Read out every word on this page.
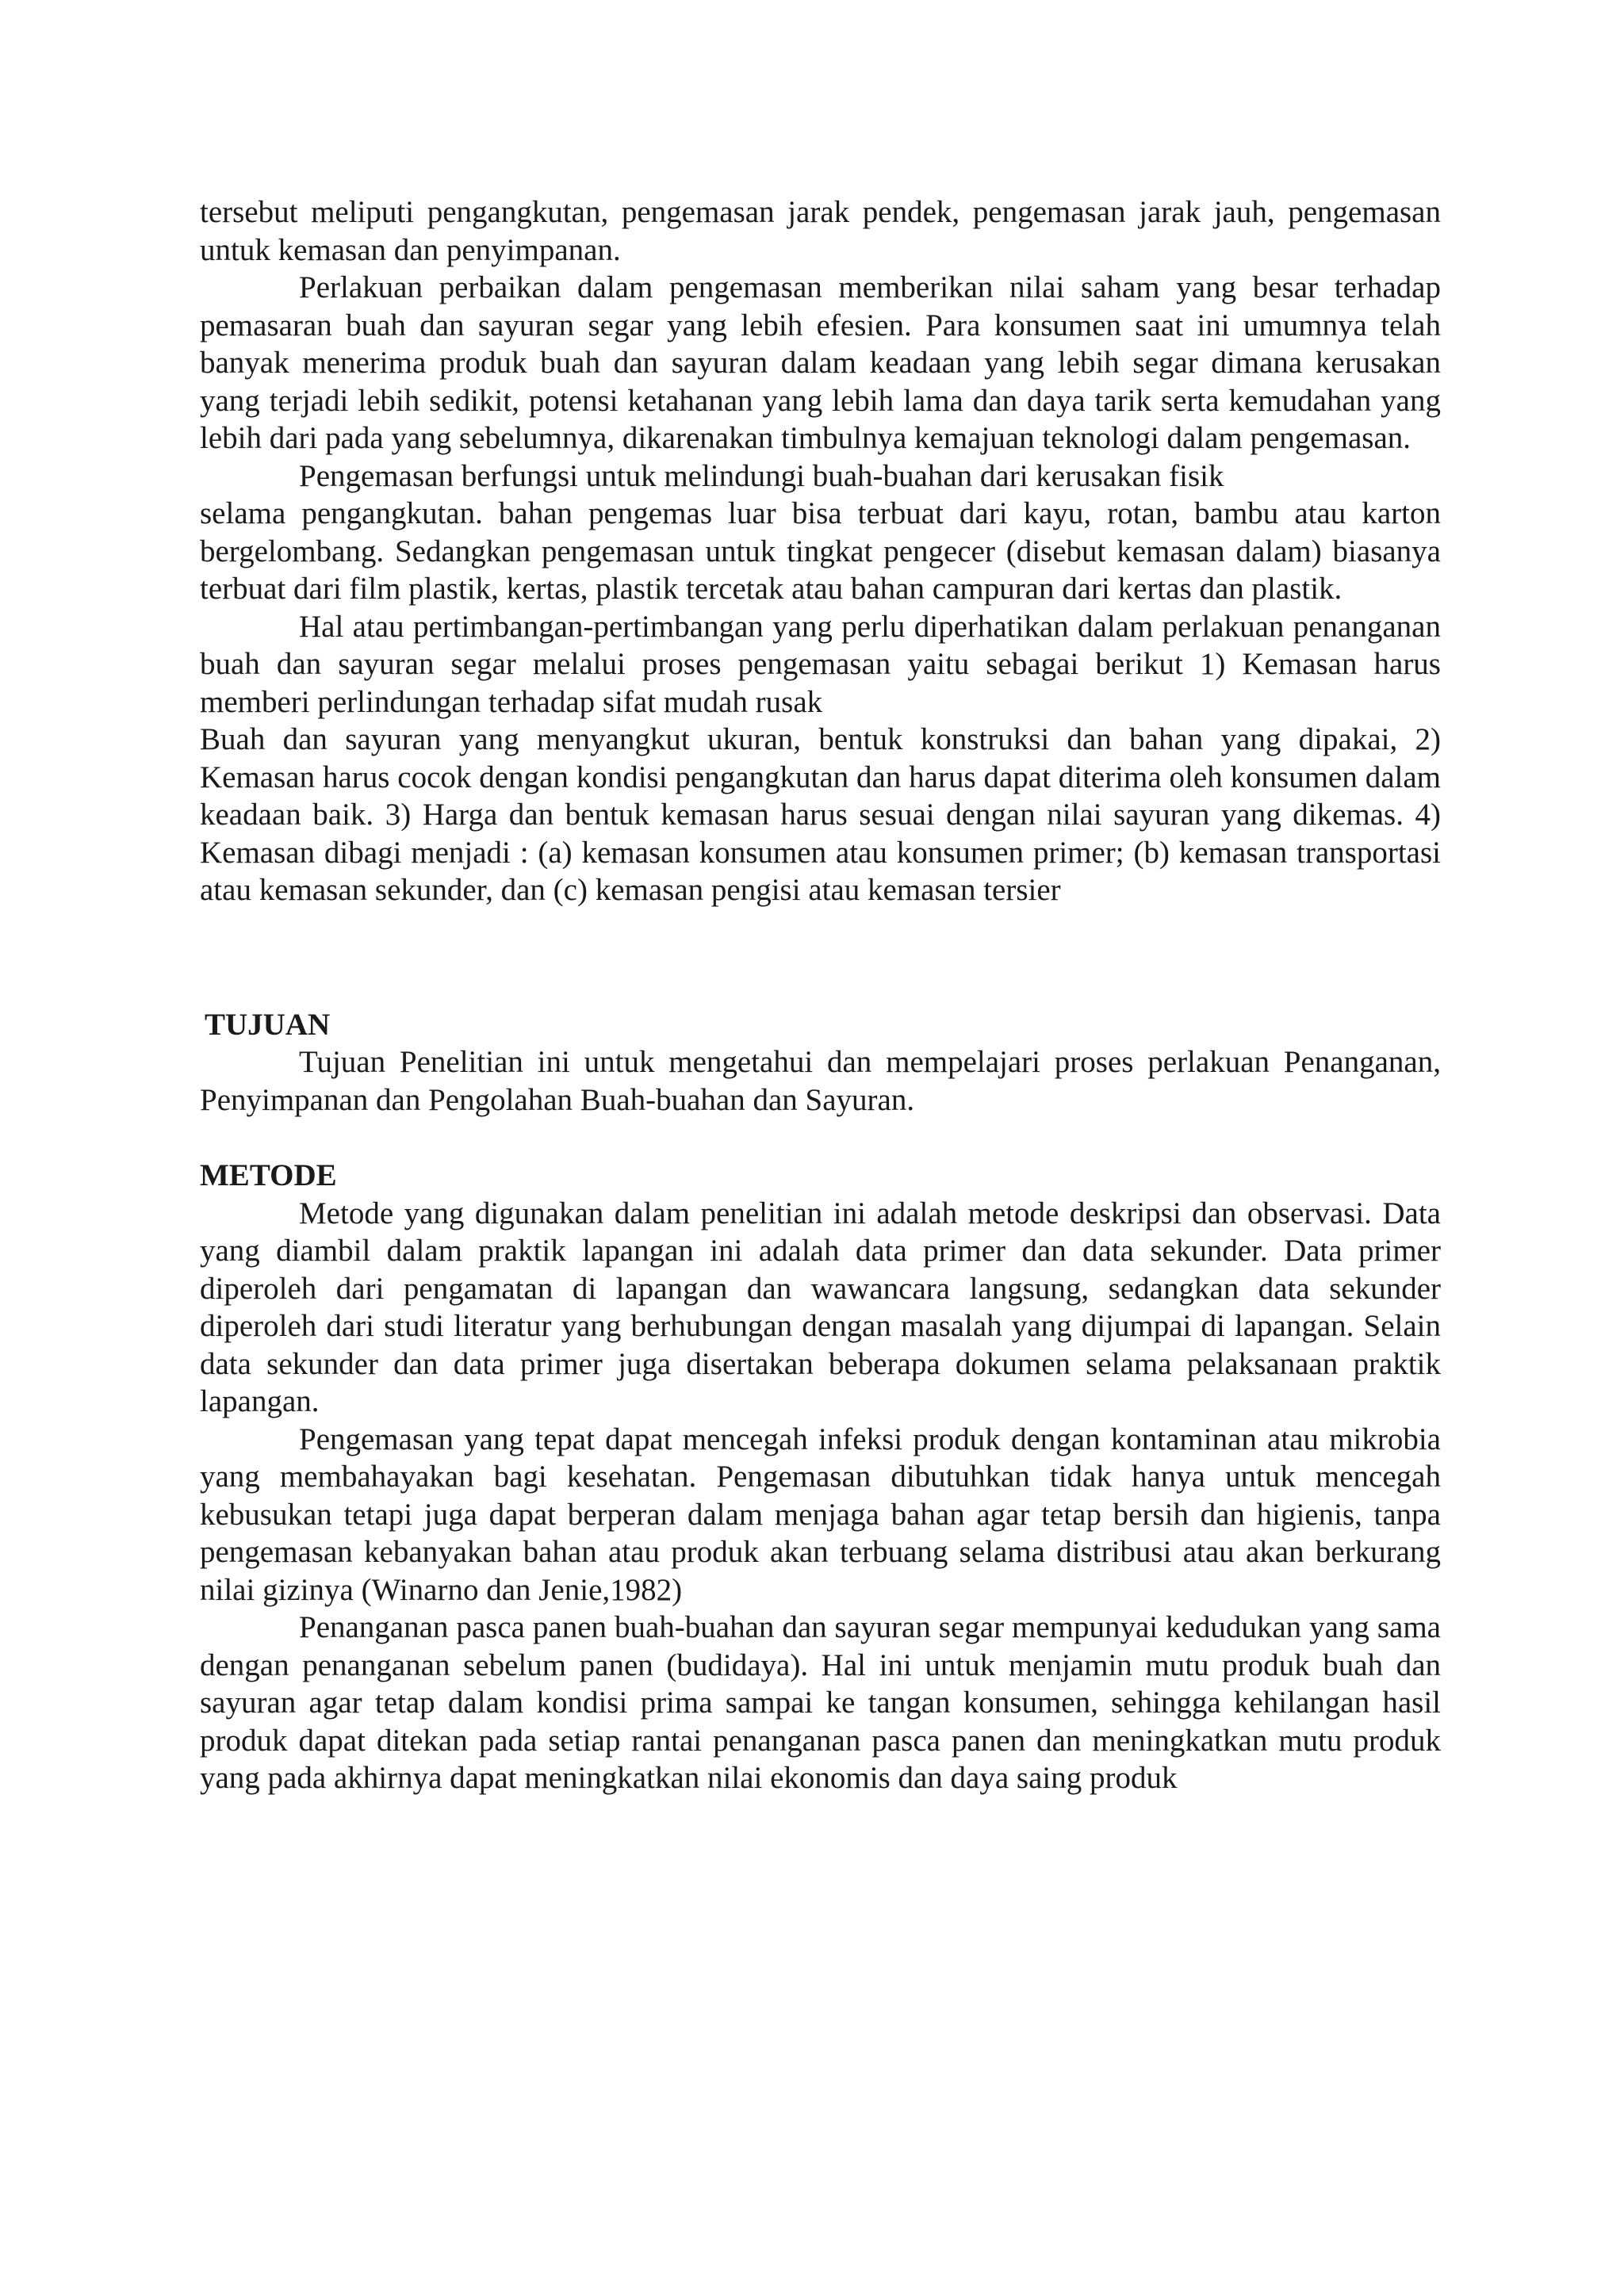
tersebut meliputi pengangkutan, pengemasan jarak pendek, pengemasan jarak jauh, pengemasan untuk kemasan dan penyimpanan.

Perlakuan perbaikan dalam pengemasan memberikan nilai saham yang besar terhadap pemasaran buah dan sayuran segar yang lebih efesien. Para konsumen saat ini umumnya telah banyak menerima produk buah dan sayuran dalam keadaan yang lebih segar dimana kerusakan yang terjadi lebih sedikit, potensi ketahanan yang lebih lama dan daya tarik serta kemudahan yang lebih dari pada yang sebelumnya, dikarenakan timbulnya kemajuan teknologi dalam pengemasan.

Pengemasan berfungsi untuk melindungi buah-buahan dari kerusakan fisik

selama pengangkutan. bahan pengemas luar bisa terbuat dari kayu, rotan, bambu atau karton bergelombang. Sedangkan pengemasan untuk tingkat pengecer (disebut kemasan dalam) biasanya terbuat dari film plastik, kertas, plastik tercetak atau bahan campuran dari kertas dan plastik.

Hal atau pertimbangan-pertimbangan yang perlu diperhatikan dalam perlakuan penanganan buah dan sayuran segar melalui proses pengemasan yaitu sebagai berikut 1) Kemasan harus memberi perlindungan terhadap sifat mudah rusak

Buah dan sayuran yang menyangkut ukuran, bentuk konstruksi dan bahan yang dipakai, 2) Kemasan harus cocok dengan kondisi pengangkutan dan harus dapat diterima oleh konsumen dalam keadaan baik. 3) Harga dan bentuk kemasan harus sesuai dengan nilai sayuran yang dikemas. 4) Kemasan dibagi menjadi : (a) kemasan konsumen atau konsumen primer; (b) kemasan transportasi atau kemasan sekunder, dan (c) kemasan pengisi atau kemasan tersier

TUJUAN

Tujuan Penelitian ini untuk mengetahui dan mempelajari proses perlakuan Penanganan, Penyimpanan dan Pengolahan Buah-buahan dan Sayuran.

METODE

Metode yang digunakan dalam penelitian ini adalah metode deskripsi dan observasi. Data yang diambil dalam praktik lapangan ini adalah data primer dan data sekunder. Data primer diperoleh dari pengamatan di lapangan dan wawancara langsung, sedangkan data sekunder diperoleh dari studi literatur yang berhubungan dengan masalah yang dijumpai di lapangan. Selain data sekunder dan data primer juga disertakan beberapa dokumen selama pelaksanaan praktik lapangan.

Pengemasan yang tepat dapat mencegah infeksi produk dengan kontaminan atau mikrobia yang membahayakan bagi kesehatan. Pengemasan dibutuhkan tidak hanya untuk mencegah kebusukan tetapi juga dapat berperan dalam menjaga bahan agar tetap bersih dan higienis, tanpa pengemasan kebanyakan bahan atau produk akan terbuang selama distribusi atau akan berkurang nilai gizinya (Winarno dan Jenie,1982)

Penanganan pasca panen buah-buahan dan sayuran segar mempunyai kedudukan yang sama dengan penanganan sebelum panen (budidaya). Hal ini untuk menjamin mutu produk buah dan sayuran agar tetap dalam kondisi prima sampai ke tangan konsumen, sehingga kehilangan hasil produk dapat ditekan pada setiap rantai penanganan pasca panen dan meningkatkan mutu produk yang pada akhirnya dapat meningkatkan nilai ekonomis dan daya saing produk
